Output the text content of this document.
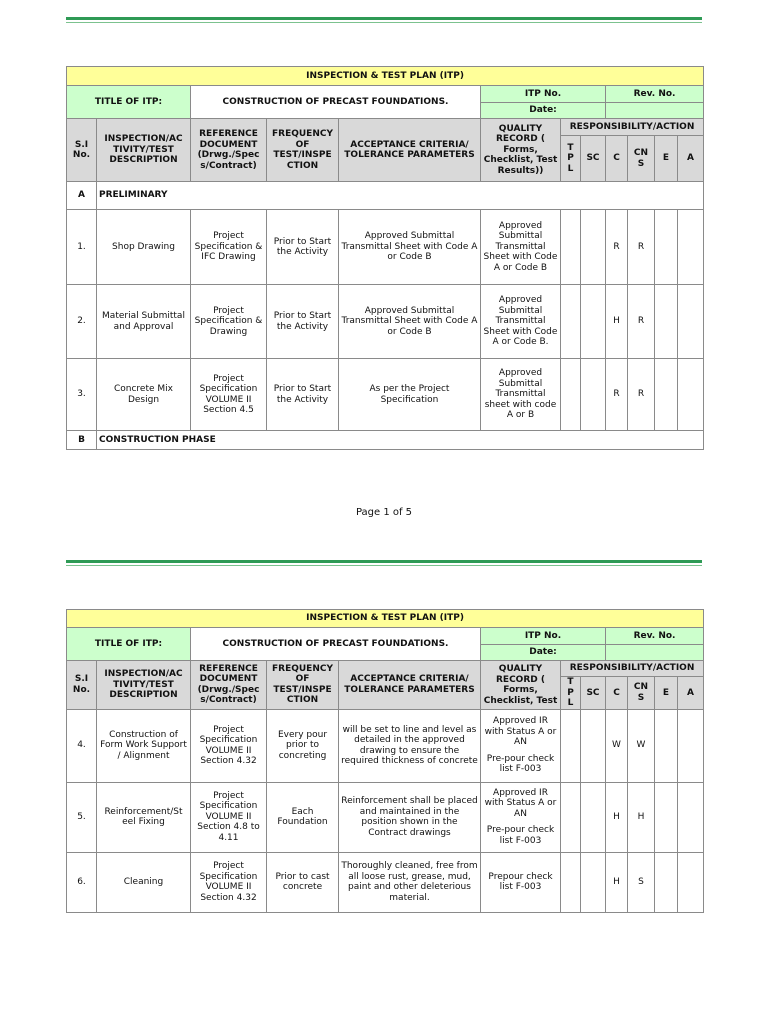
INSPECTION & TEST PLAN (ITP)											
TITLE OF ITP:		CONSTRUCTION OF PRECAST FOUNDATIONS.			ITP No.			Rev. No.			
					Date:						
S.I No.	INSPECTION/AC TIVITY/TEST DESCRIPTION	REFERENCE DOCUMENT (Drwg./Spec s/Contract)	FREQUENCY OF TEST/INSPE CTION	ACCEPTANCE CRITERIA/ TOLERANCE PARAMETERS	QUALITY RECORD ( Forms, Checklist, Test Results))	RESPONSIBILITY/ACTION					
						T P L	SC	C	CN S	E	A
A	PRELIMINARY										
1.	Shop Drawing	Project Specification & IFC Drawing	Prior to Start the Activity	Approved Submittal Transmittal Sheet with Code A or Code B	Approved Submittal Transmittal Sheet with Code A or Code B			R	R		
2.	Material Submittal and Approval	Project Specification & Drawing	Prior to Start the Activity	Approved Submittal Transmittal Sheet with Code A or Code B	Approved Submittal Transmittal Sheet with Code A or Code B.			H	R		
3.	Concrete Mix Design	Project Specification VOLUME II Section 4.5	Prior to Start the Activity	As per the Project Specification	Approved Submittal Transmittal sheet with code A or B			R	R		
B	CONSTRUCTION PHASE										
Page 1 of 5
INSPECTION & TEST PLAN (ITP)											
TITLE OF ITP:		CONSTRUCTION OF PRECAST FOUNDATIONS.			ITP No.			Rev. No.			
					Date:						
S.I No.	INSPECTION/AC TIVITY/TEST DESCRIPTION	REFERENCE DOCUMENT (Drwg./Spec s/Contract)	FREQUENCY OF TEST/INSPE CTION	ACCEPTANCE CRITERIA/ TOLERANCE PARAMETERS	QUALITY RECORD ( Forms, Checklist, Test	RESPONSIBILITY/ACTION					
						T P L	SC	C	CN S	E	A
4.	Construction of Form Work Support / Alignment	Project Specification VOLUME II Section 4.32	Every pour prior to concreting	will be set to line and level as detailed in the approved drawing to ensure the required thickness of concrete	Approved IR with Status A or AN
Pre-pour check list F-003			W	W		
5.	Reinforcement/St eel Fixing	Project Specification VOLUME II Section 4.8 to 4.11	Each Foundation	Reinforcement shall be placed and maintained in the position shown in the Contract drawings	Approved IR with Status A or AN
Pre-pour check list F-003			H	H		
6.	Cleaning	Project Specification VOLUME II Section 4.32	Prior to cast concrete	Thoroughly cleaned, free from all loose rust, grease, mud, paint and other deleterious material.	Prepour check list F-003			H	S		
